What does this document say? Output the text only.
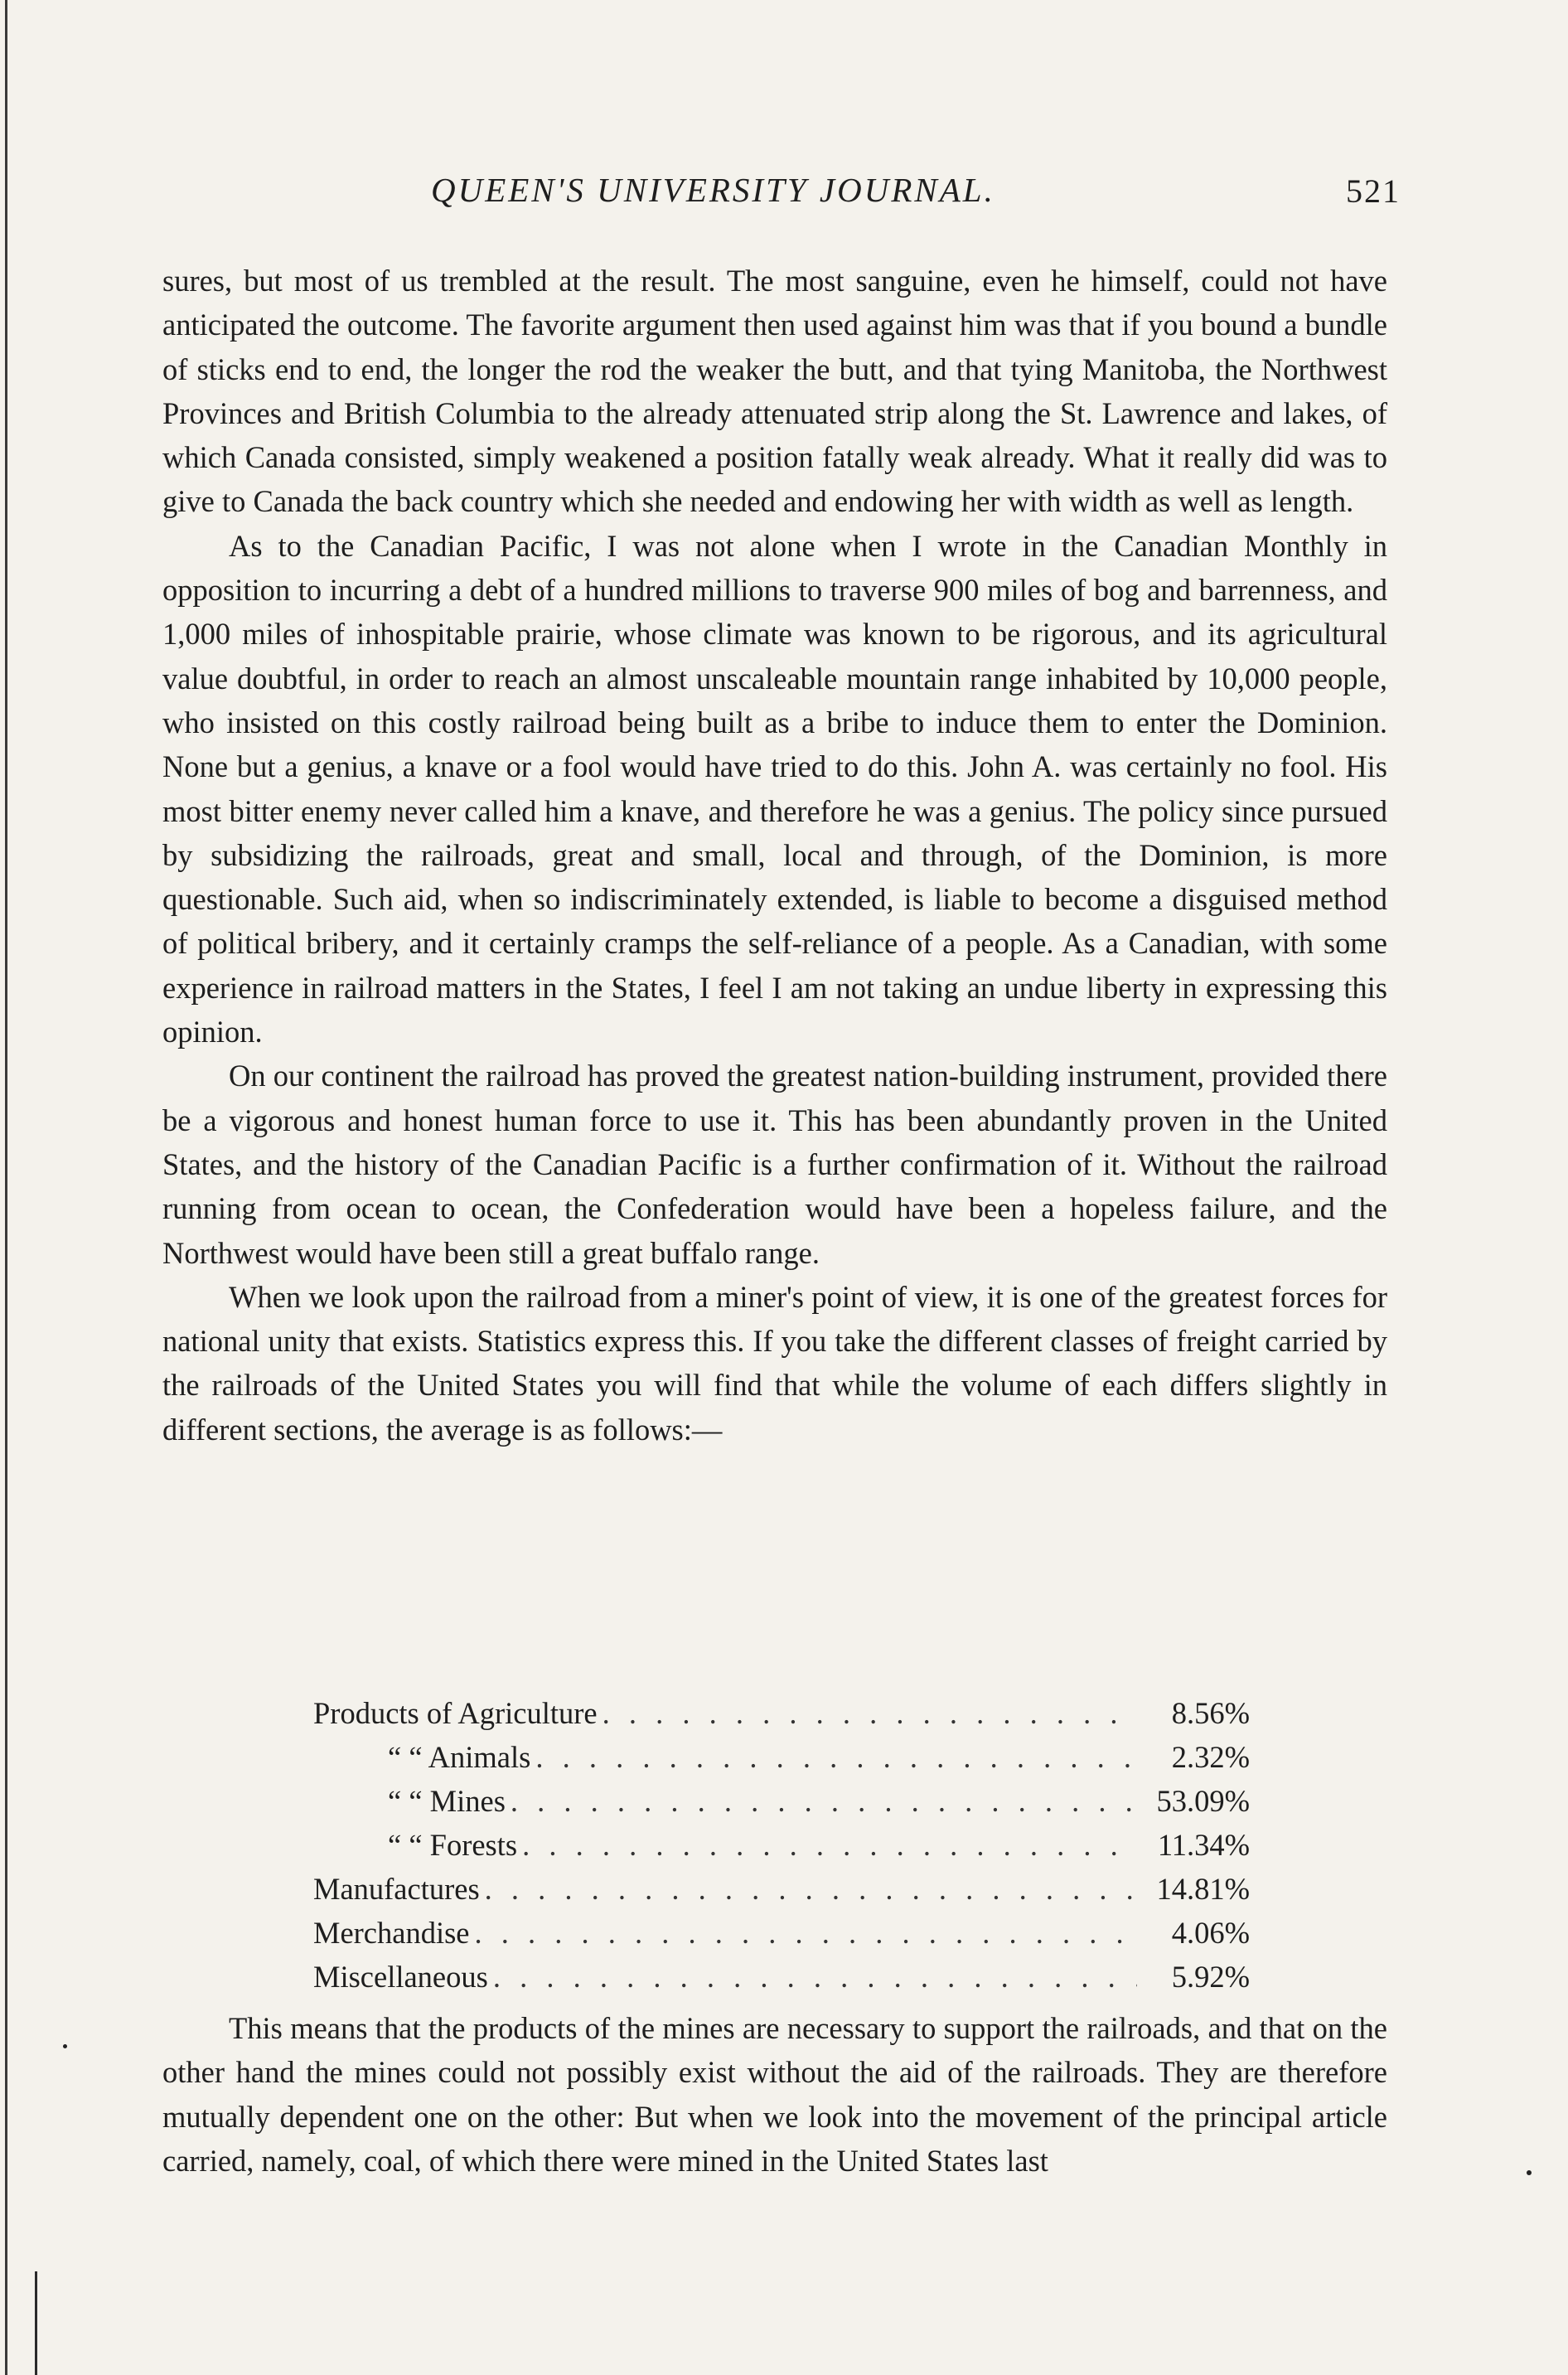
QUEEN'S UNIVERSITY JOURNAL.	521

sures, but most of us trembled at the result. The most sanguine, even he himself, could not have anticipated the outcome. The favorite argument then used against him was that if you bound a bundle of sticks end to end, the longer the rod the weaker the butt, and that tying Manitoba, the Northwest Provinces and British Columbia to the already attenuated strip along the St. Lawrence and lakes, of which Canada consisted, simply weakened a position fatally weak already. What it really did was to give to Canada the back country which she needed and endowing her with width as well as length.

As to the Canadian Pacific, I was not alone when I wrote in the Canadian Monthly in opposition to incurring a debt of a hundred millions to traverse 900 miles of bog and barrenness, and 1,000 miles of inhospitable prairie, whose climate was known to be rigorous, and its agricultural value doubtful, in order to reach an almost unscaleable mountain range inhabited by 10,000 people, who insisted on this costly railroad being built as a bribe to induce them to enter the Dominion. None but a genius, a knave or a fool would have tried to do this. John A. was certainly no fool. His most bitter enemy never called him a knave, and therefore he was a genius. The policy since pursued by subsidizing the railroads, great and small, local and through, of the Dominion, is more questionable. Such aid, when so indiscriminately extended, is liable to become a disguised method of political bribery, and it certainly cramps the self-reliance of a people. As a Canadian, with some experience in railroad matters in the States, I feel I am not taking an undue liberty in expressing this opinion.

On our continent the railroad has proved the greatest nation-building instrument, provided there be a vigorous and honest human force to use it. This has been abundantly proven in the United States, and the history of the Canadian Pacific is a further confirmation of it. Without the railroad running from ocean to ocean, the Confederation would have been a hopeless failure, and the Northwest would have been still a great buffalo range.

When we look upon the railroad from a miner's point of view, it is one of the greatest forces for national unity that exists. Statistics express this. If you take the different classes of freight carried by the railroads of the United States you will find that while the volume of each differs slightly in different sections, the average is as follows:—

Products of Agriculture . . .	8.56%
“ “ Animals . . .	2.32%
“ “ Mines . . .	53.09%
“ “ Forests . . .	11.34%
Manufactures . . .	14.81%
Merchandise . . .	4.06%
Miscellaneous . . .	5.92%

This means that the products of the mines are necessary to support the railroads, and that on the other hand the mines could not possibly exist without the aid of the railroads. They are therefore mutually dependent one on the other: But when we look into the movement of the principal article carried, namely, coal, of which there were mined in the United States last
